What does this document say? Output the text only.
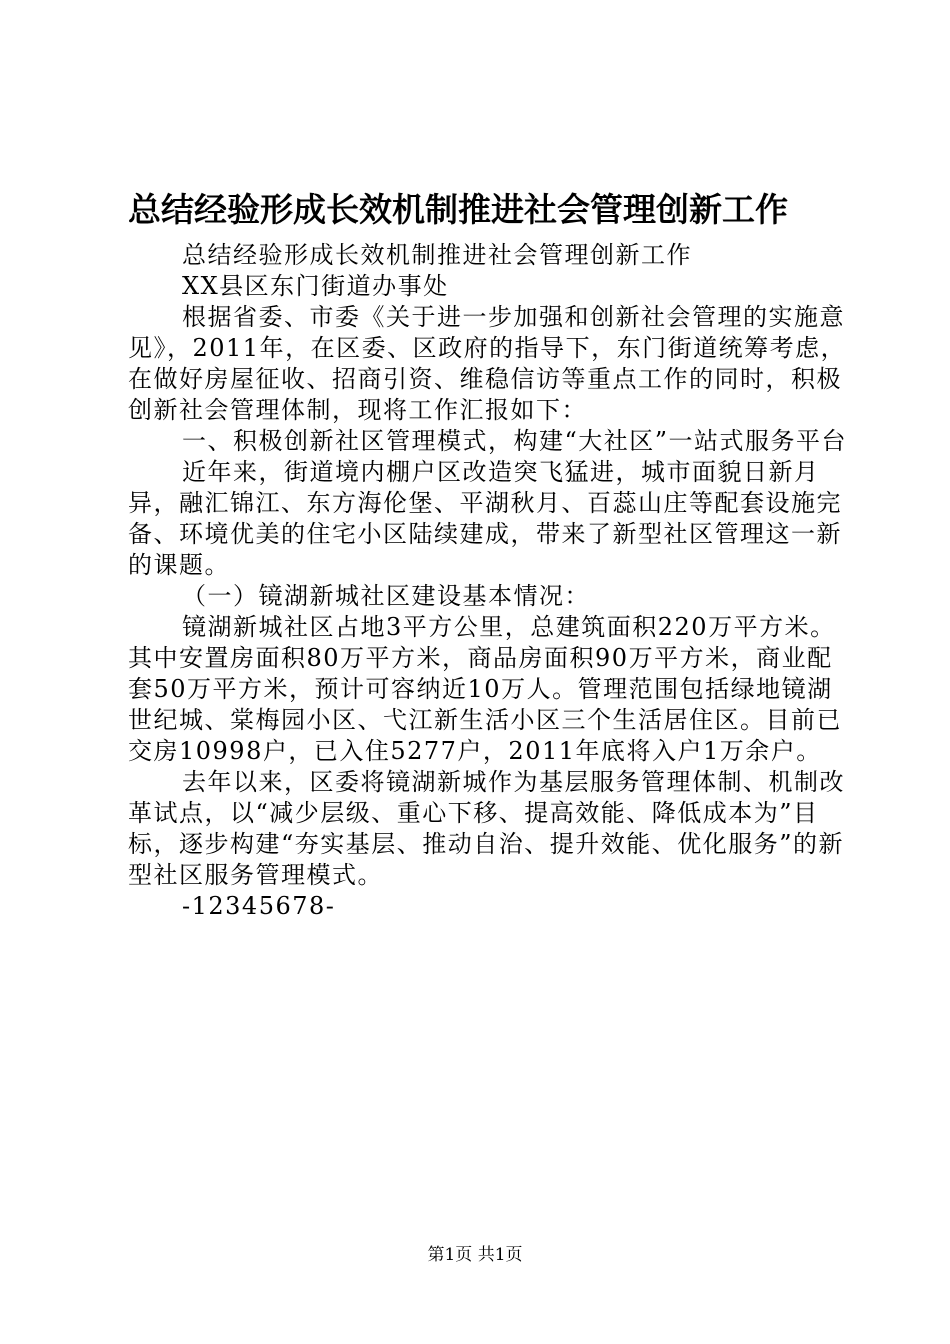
总结经验形成长效机制推进社会管理创新工作

总结经验形成长效机制推进社会管理创新工作

XX县区东门街道办事处

根据省委、市委《关于进一步加强和创新社会管理的实施意见》，2011年，在区委、区政府的指导下，东门街道统筹考虑，在做好房屋征收、招商引资、维稳信访等重点工作的同时，积极创新社会管理体制，现将工作汇报如下：

一、积极创新社区管理模式，构建“大社区”一站式服务平台

近年来，街道境内棚户区改造突飞猛进，城市面貌日新月异，融汇锦江、东方海伦堡、平湖秋月、百蕊山庄等配套设施完备、环境优美的住宅小区陆续建成，带来了新型社区管理这一新的课题。

（一）镜湖新城社区建设基本情况：

镜湖新城社区占地3平方公里，总建筑面积220万平方米。其中安置房面积80万平方米，商品房面积90万平方米，商业配套50万平方米，预计可容纳近10万人。管理范围包括绿地镜湖世纪城、棠梅园小区、弋江新生活小区三个生活居住区。目前已交房10998户，已入住5277户，2011年底将入户1万余户。

去年以来，区委将镜湖新城作为基层服务管理体制、机制改革试点，以“减少层级、重心下移、提高效能、降低成本为”目标，逐步构建“夯实基层、推动自治、提升效能、优化服务”的新型社区服务管理模式。

-12345678-

第1页 共1页
